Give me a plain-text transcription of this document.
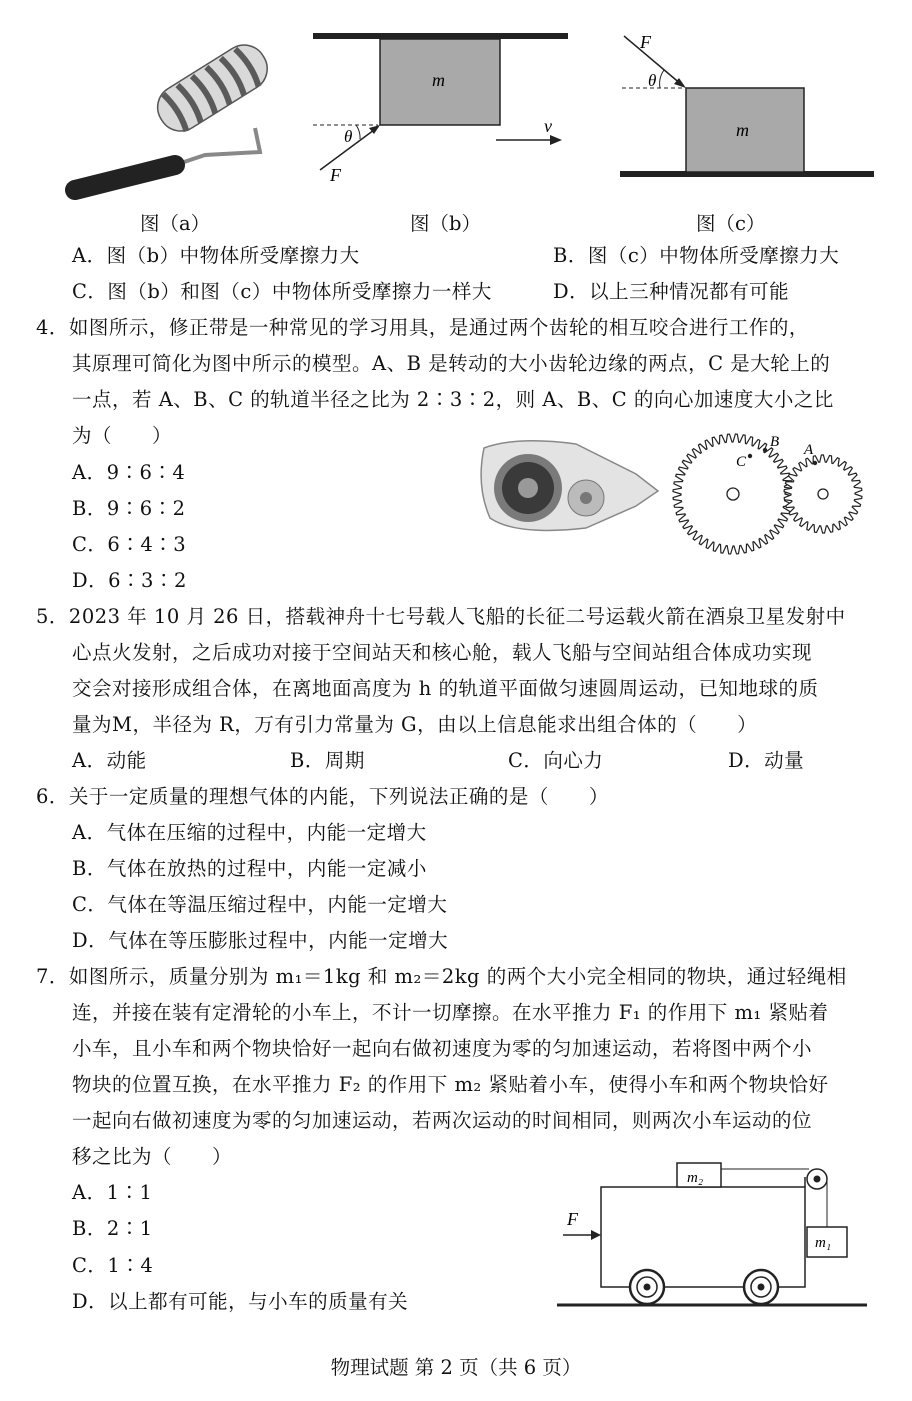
m
θ
F
v	m
θ
F
图（a）	图（b）	图（c）
A．图（b）中物体所受摩擦力大	B．图（c）中物体所受摩擦力大
C．图（b）和图（c）中物体所受摩擦力一样大	D．以上三种情况都有可能
4．如图所示，修正带是一种常见的学习用具，是通过两个齿轮的相互咬合进行工作的，
其原理可简化为图中所示的模型。A、B 是转动的大小齿轮边缘的两点，C 是大轮上的
一点，若 A、B、C 的轨道半径之比为 2∶3∶2，则 A、B、C 的向心加速度大小之比
为（　　）
A．9∶6∶4
B．9∶6∶2
C．6∶4∶3
D．6∶3∶2
C
B A
5．2023 年 10 月 26 日，搭载神舟十七号载人飞船的长征二号运载火箭在酒泉卫星发射中
心点火发射，之后成功对接于空间站天和核心舱，载人飞船与空间站组合体成功实现
交会对接形成组合体，在离地面高度为 h 的轨道平面做匀速圆周运动，已知地球的质
量为M，半径为 R，万有引力常量为 G，由以上信息能求出组合体的（　　）
A．动能	B．周期	C．向心力	D．动量
6．关于一定质量的理想气体的内能，下列说法正确的是（　　）
A．气体在压缩的过程中，内能一定增大
B．气体在放热的过程中，内能一定减小
C．气体在等温压缩过程中，内能一定增大
D．气体在等压膨胀过程中，内能一定增大
7．如图所示，质量分别为 m₁＝1kg 和 m₂＝2kg 的两个大小完全相同的物块，通过轻绳相
连，并接在装有定滑轮的小车上，不计一切摩擦。在水平推力 F₁ 的作用下 m₁ 紧贴着
小车，且小车和两个物块恰好一起向右做初速度为零的匀加速运动，若将图中两个小
物块的位置互换，在水平推力 F₂ 的作用下 m₂ 紧贴着小车，使得小车和两个物块恰好
一起向右做初速度为零的匀加速运动，若两次运动的时间相同，则两次小车运动的位
移之比为（　　）
A．1∶1
B．2∶1
C．1∶4
D．以上都有可能，与小车的质量有关
m₂
m₁
F
物理试题 第 2 页（共 6 页）
